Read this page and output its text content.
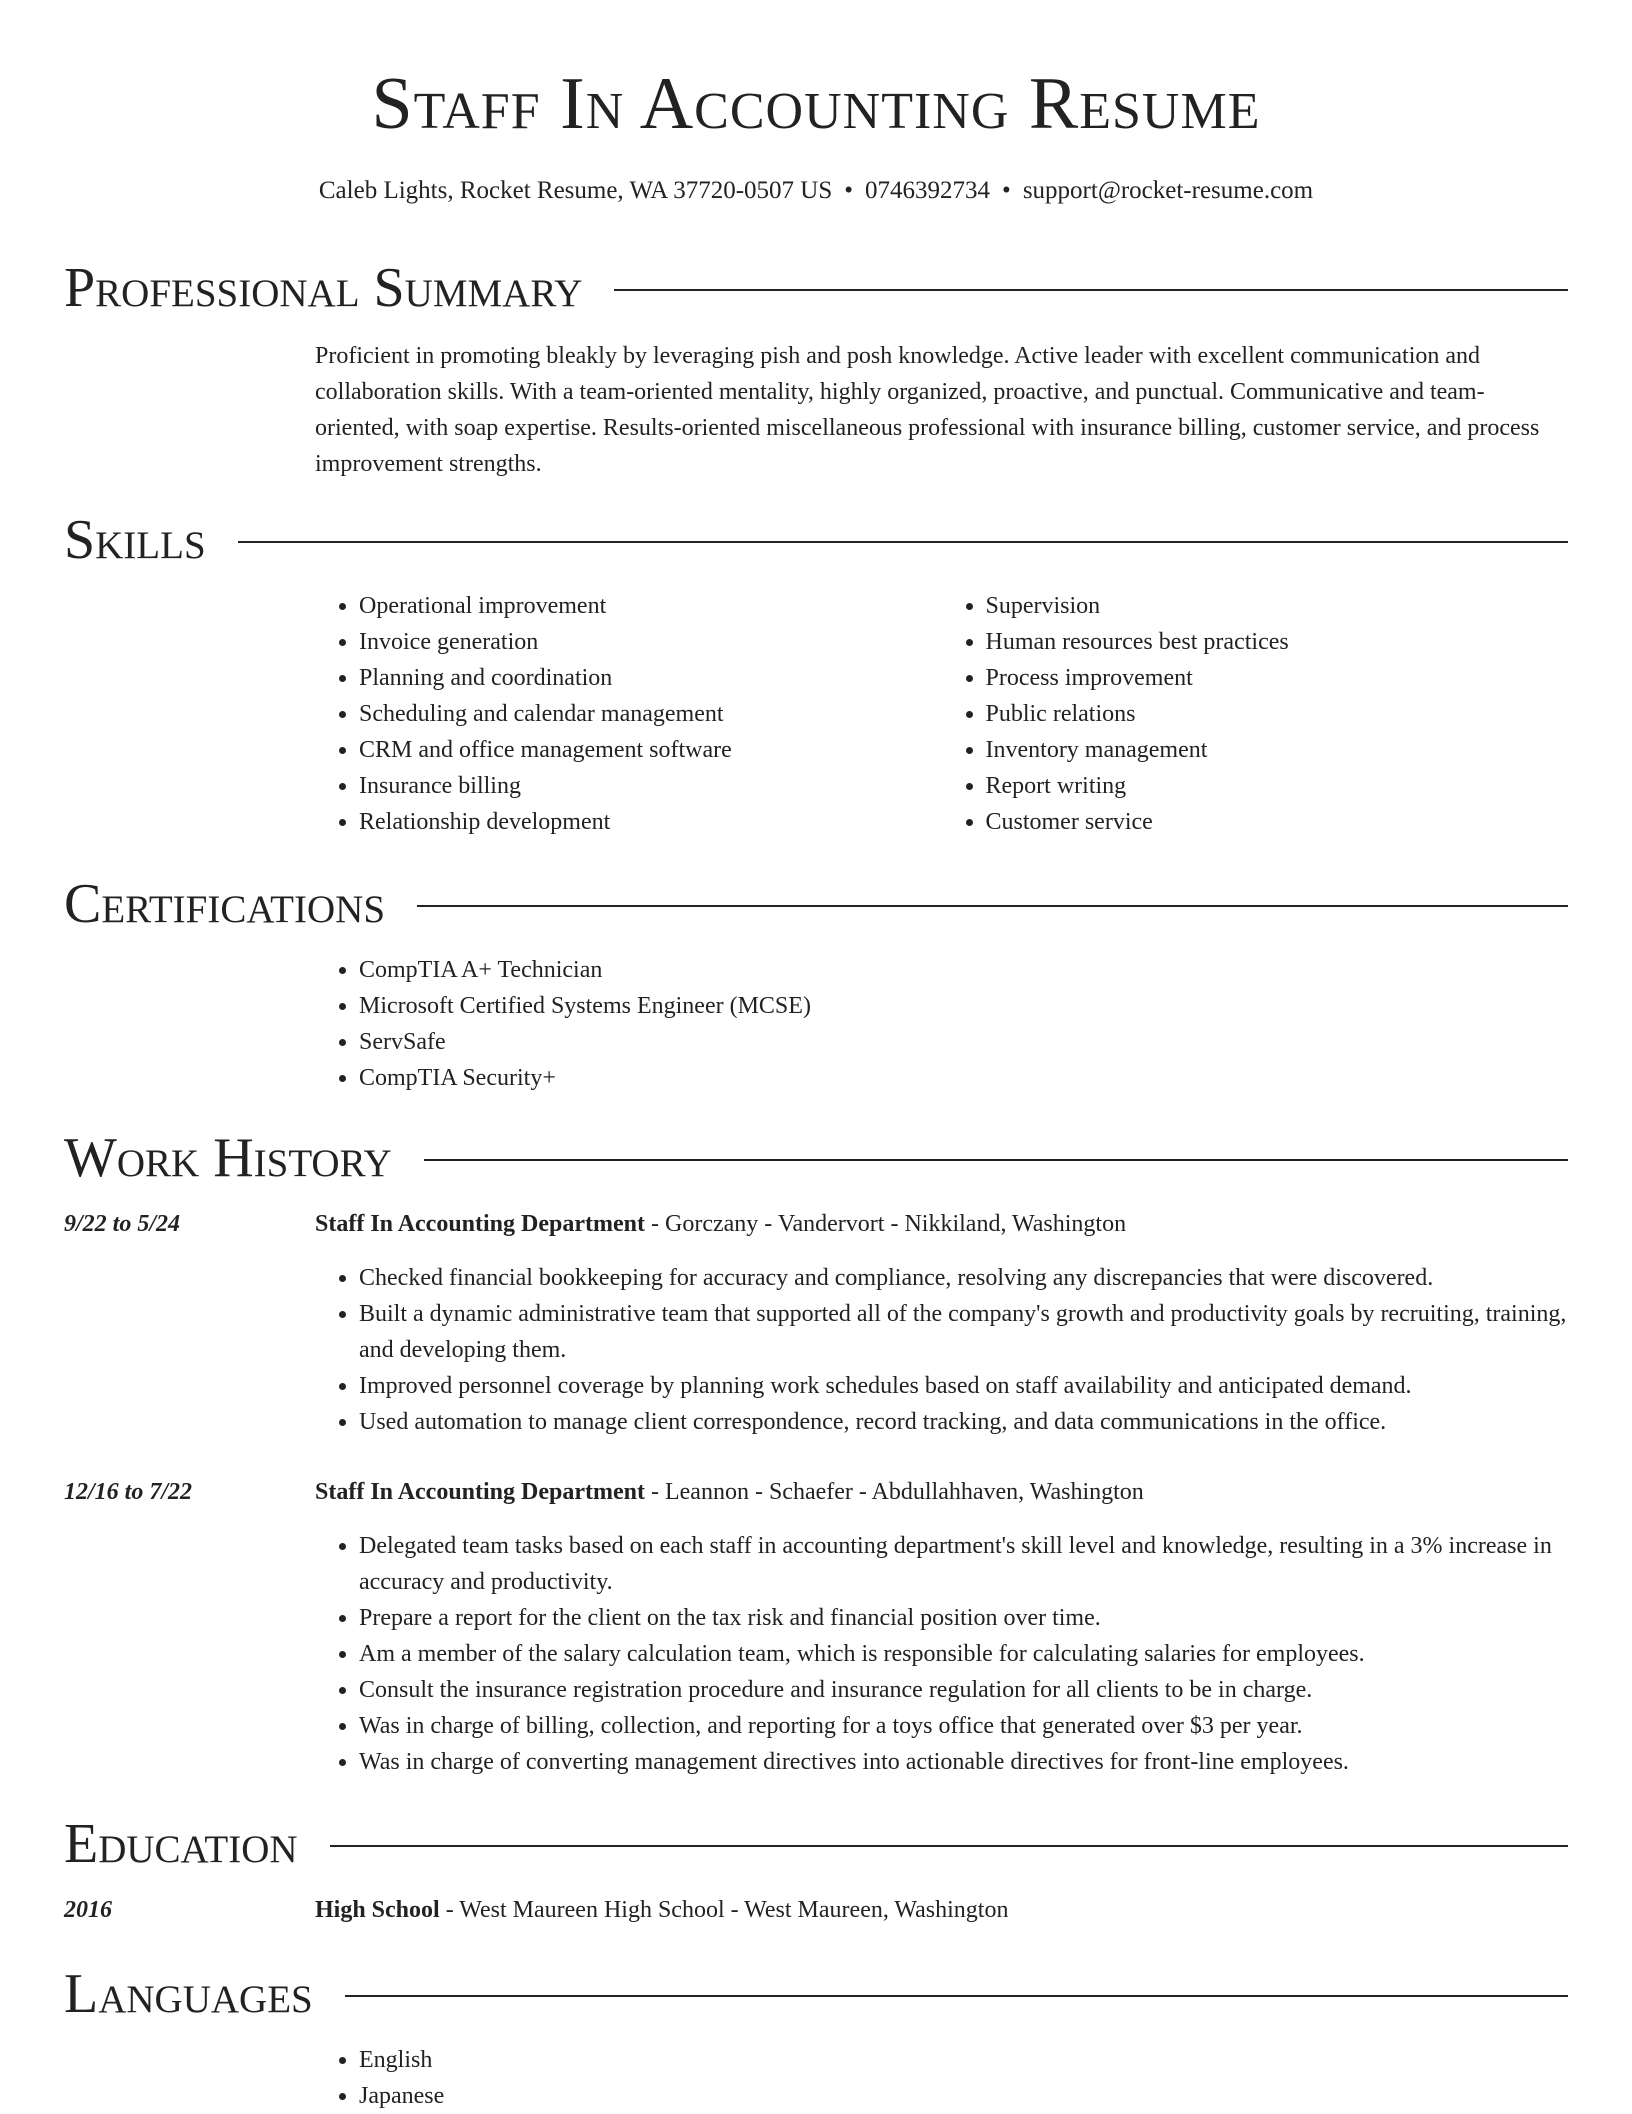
Staff In Accounting Resume
Caleb Lights, Rocket Resume, WA 37720-0507 US • 0746392734 • support@rocket-resume.com
Professional Summary
Proficient in promoting bleakly by leveraging pish and posh knowledge. Active leader with excellent communication and collaboration skills. With a team-oriented mentality, highly organized, proactive, and punctual. Communicative and team-oriented, with soap expertise. Results-oriented miscellaneous professional with insurance billing, customer service, and process improvement strengths.
Skills
• Operational improvement
• Invoice generation
• Planning and coordination
• Scheduling and calendar management
• CRM and office management software
• Insurance billing
• Relationship development
• Supervision
• Human resources best practices
• Process improvement
• Public relations
• Inventory management
• Report writing
• Customer service
Certifications
• CompTIA A+ Technician
• Microsoft Certified Systems Engineer (MCSE)
• ServSafe
• CompTIA Security+
Work History
9/22 to 5/24	Staff In Accounting Department - Gorczany - Vandervort - Nikkiland, Washington
• Checked financial bookkeeping for accuracy and compliance, resolving any discrepancies that were discovered.
• Built a dynamic administrative team that supported all of the company's growth and productivity goals by recruiting, training, and developing them.
• Improved personnel coverage by planning work schedules based on staff availability and anticipated demand.
• Used automation to manage client correspondence, record tracking, and data communications in the office.
12/16 to 7/22	Staff In Accounting Department - Leannon - Schaefer - Abdullahhaven, Washington
• Delegated team tasks based on each staff in accounting department's skill level and knowledge, resulting in a 3% increase in accuracy and productivity.
• Prepare a report for the client on the tax risk and financial position over time.
• Am a member of the salary calculation team, which is responsible for calculating salaries for employees.
• Consult the insurance registration procedure and insurance regulation for all clients to be in charge.
• Was in charge of billing, collection, and reporting for a toys office that generated over $3 per year.
• Was in charge of converting management directives into actionable directives for front-line employees.
Education
2016	High School - West Maureen High School - West Maureen, Washington
Languages
• English
• Japanese
